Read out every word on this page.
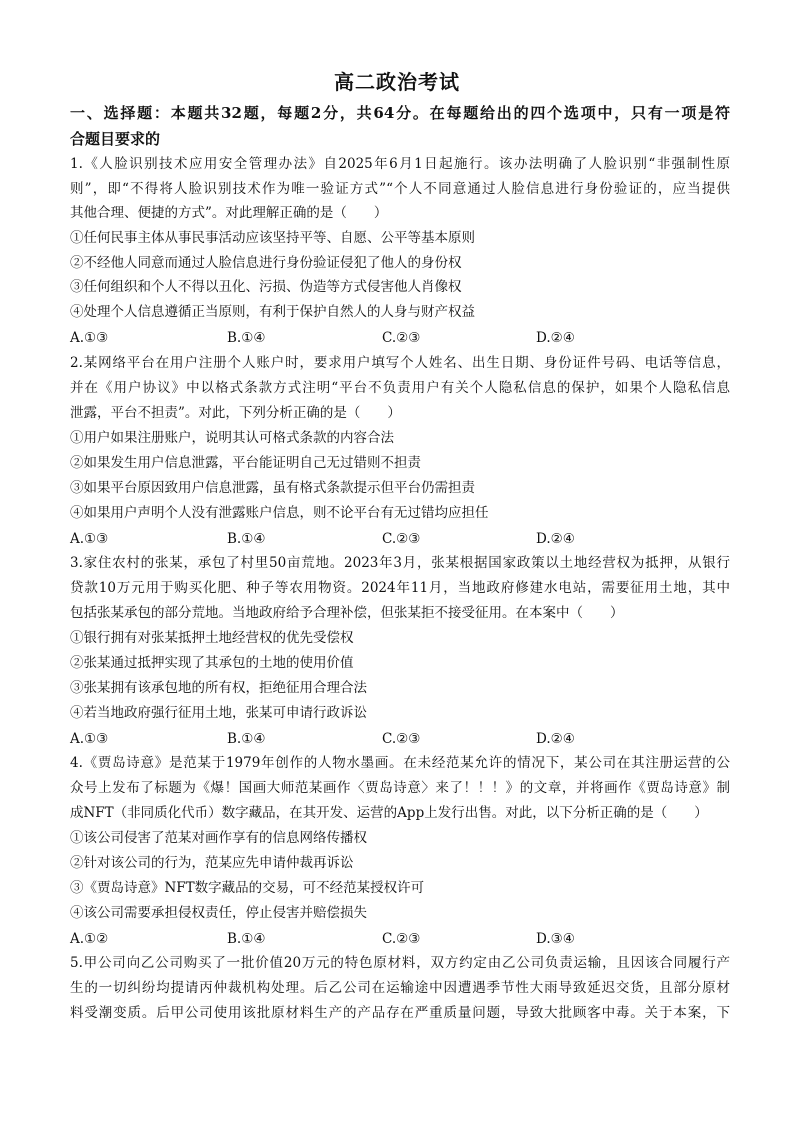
高二政治考试
一、选择题：本题共32题，每题2分，共64分。在每题给出的四个选项中，只有一项是符
合题目要求的
1.《人脸识别技术应用安全管理办法》自2025年6月1日起施行。该办法明确了人脸识别“非强制性原
则”，即“不得将人脸识别技术作为唯一验证方式”“个人不同意通过人脸信息进行身份验证的，应当提供
其他合理、便捷的方式”。对此理解正确的是（　　）
①任何民事主体从事民事活动应该坚持平等、自愿、公平等基本原则
②不经他人同意而通过人脸信息进行身份验证侵犯了他人的身份权
③任何组织和个人不得以丑化、污损、伪造等方式侵害他人肖像权
④处理个人信息遵循正当原则，有利于保护自然人的人身与财产权益
A.①③	B.①④	C.②③	D.②④
2.某网络平台在用户注册个人账户时，要求用户填写个人姓名、出生日期、身份证件号码、电话等信息，
并在《用户协议》中以格式条款方式注明“平台不负责用户有关个人隐私信息的保护，如果个人隐私信息
泄露，平台不担责”。对此，下列分析正确的是（　　）
①用户如果注册账户，说明其认可格式条款的内容合法
②如果发生用户信息泄露，平台能证明自己无过错则不担责
③如果平台原因致用户信息泄露，虽有格式条款提示但平台仍需担责
④如果用户声明个人没有泄露账户信息，则不论平台有无过错均应担任
A.①③	B.①④	C.②③	D.②④
3.家住农村的张某，承包了村里50亩荒地。2023年3月，张某根据国家政策以土地经营权为抵押，从银行
贷款10万元用于购买化肥、种子等农用物资。2024年11月，当地政府修建水电站，需要征用土地，其中
包括张某承包的部分荒地。当地政府给予合理补偿，但张某拒不接受征用。在本案中（　　）
①银行拥有对张某抵押土地经营权的优先受偿权
②张某通过抵押实现了其承包的土地的使用价值
③张某拥有该承包地的所有权，拒绝征用合理合法
④若当地政府强行征用土地，张某可申请行政诉讼
A.①③	B.①④	C.②③	D.②④
4.《贾岛诗意》是范某于1979年创作的人物水墨画。在未经范某允许的情况下，某公司在其注册运营的公
众号上发布了标题为《爆！国画大师范某画作〈贾岛诗意〉来了！！！》的文章，并将画作《贾岛诗意》制
成NFT（非同质化代币）数字藏品，在其开发、运营的App上发行出售。对此，以下分析正确的是（　　）
①该公司侵害了范某对画作享有的信息网络传播权
②针对该公司的行为，范某应先申请仲裁再诉讼
③《贾岛诗意》NFT数字藏品的交易，可不经范某授权许可
④该公司需要承担侵权责任，停止侵害并赔偿损失
A.①②	B.①④	C.②③	D.③④
5.甲公司向乙公司购买了一批价值20万元的特色原材料，双方约定由乙公司负责运输，且因该合同履行产
生的一切纠纷均提请丙仲裁机构处理。后乙公司在运输途中因遭遇季节性大雨导致延迟交货，且部分原材
料受潮变质。后甲公司使用该批原材料生产的产品存在严重质量问题，导致大批顾客中毒。关于本案，下
